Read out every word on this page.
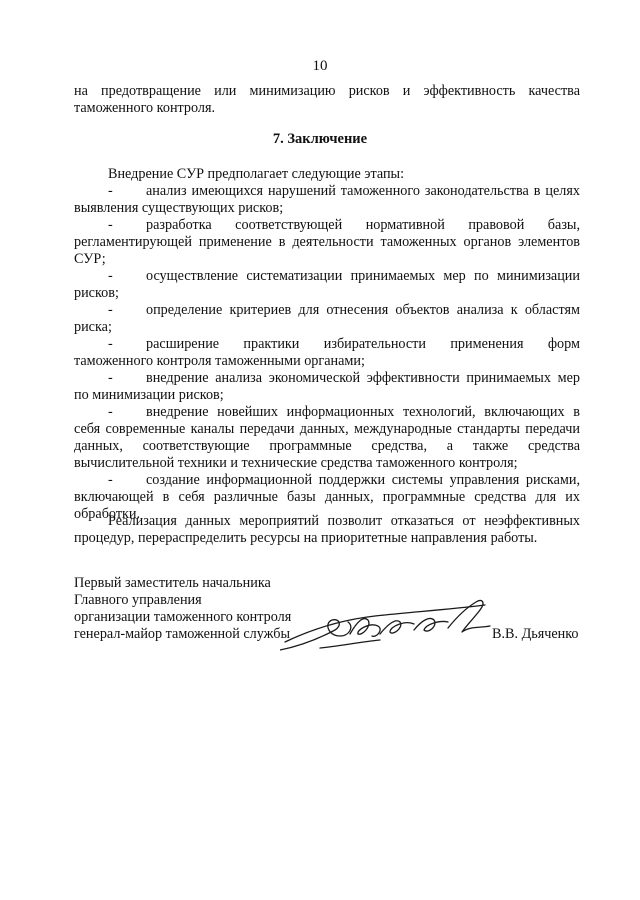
10
на предотвращение или минимизацию рисков и эффективность качества
таможенного контроля.
7. Заключение
Внедрение СУР предполагает следующие этапы:
- анализ имеющихся нарушений таможенного законодательства в целях
выявления существующих рисков;
- разработка соответствующей нормативной правовой базы,
регламентирующей применение в деятельности таможенных органов элементов
СУР;
- осуществление систематизации принимаемых мер по минимизации
рисков;
- определение критериев для отнесения объектов анализа к областям
риска;
- расширение практики избирательности применения форм
таможенного контроля таможенными органами;
- внедрение анализа экономической эффективности принимаемых мер
по минимизации рисков;
- внедрение новейших информационных технологий, включающих в
себя современные каналы передачи данных, международные стандарты передачи
данных, соответствующие программные средства, а также средства
вычислительной техники и технические средства таможенного контроля;
- создание информационной поддержки системы управления рисками,
включающей в себя различные базы данных, программные средства для их
обработки.
Реализация данных мероприятий позволит отказаться от неэффективных
процедур, перераспределить ресурсы на приоритетные направления работы.
Первый заместитель начальника
Главного управления
организации таможенного контроля
генерал-майор таможенной службы	В.В. Дьяченко
